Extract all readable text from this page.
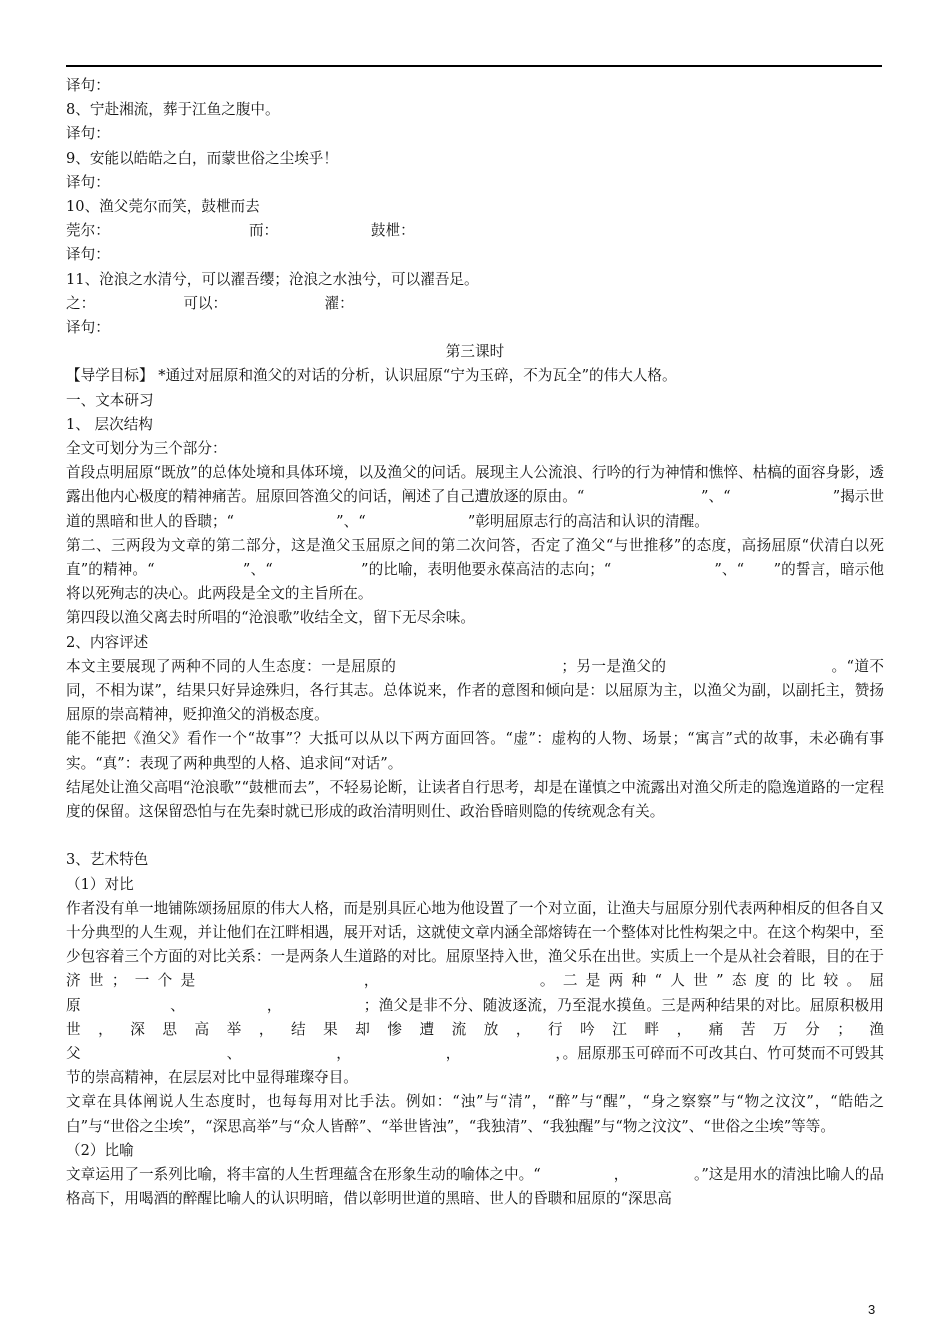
译句：

8、宁赴湘流，葬于江鱼之腹中。

译句：

9、安能以皓皓之白，而蒙世俗之尘埃乎！

译句：

10、渔父莞尔而笑，鼓枻而去

莞尔：                              而：                    鼓枻：

译句：

11、沧浪之水清兮，可以濯吾缨；沧浪之水浊兮，可以濯吾足。

之：                   可以：                     濯：

译句：

第三课时

【导学目标】 *通过对屈原和渔父的对话的分析，认识屈原“宁为玉碎，不为瓦全”的伟大人格。

一、文本研习

1、 层次结构

全文可划分为三个部分：

首段点明屈原“既放”的总体处境和具体环境，以及渔父的问话。展现主人公流浪、行吟的行为神情和憔悴、枯槁的面容身影，透露出他内心极度的精神痛苦。屈原回答渔父的问话，阐述了自己遭放逐的原由。“　　　　　　　　”、“　　　　　　　”揭示世道的黑暗和世人的昏聩；“　　　　　　　”、“　　　　　　　”彰明屈原志行的高洁和认识的清醒。

第二、三两段为文章的第二部分，这是渔父玉屈原之间的第二次问答，否定了渔父“与世推移”的态度，高扬屈原“伏清白以死直”的精神。“　　　　　　”、“　　　　　　”的比喻，表明他要永葆高洁的志向；“　　　　　　　”、“　　”的誓言，暗示他将以死殉志的决心。此两段是全文的主旨所在。

第四段以渔父离去时所唱的“沧浪歌”收结全文，留下无尽余味。

2、内容评述

本文主要展现了两种不同的人生态度：一是屈原的　　　　　　　　　　　；另一是渔父的　　　　　　　　　　　。“道不同，不相为谋”，结果只好异途殊归，各行其志。总体说来，作者的意图和倾向是：以屈原为主，以渔父为副，以副托主，赞扬屈原的崇高精神，贬抑渔父的消极态度。

能不能把《渔父》看作一个“故事”？大抵可以从以下两方面回答。“虚”：虚构的人物、场景；“寓言”式的故事，未必确有事实。“真”：表现了两种典型的人格、追求间“对话”。

结尾处让渔父高唱“沧浪歌”“鼓枻而去”，不轻易论断，让读者自行思考，却是在谨慎之中流露出对渔父所走的隐逸道路的一定程度的保留。这保留恐怕与在先秦时就已形成的政治清明则仕、政治昏暗则隐的传统观念有关。

3、艺术特色

（1）对比

作者没有单一地铺陈颂扬屈原的伟大人格，而是别具匠心地为他设置了一个对立面，让渔夫与屈原分别代表两种相反的但各自又十分典型的人生观，并让他们在江畔相遇，展开对话，这就使文章内涵全部熔铸在一个整体对比性构架之中。在这个构架中，至少包容着三个方面的对比关系：一是两条人生道路的对比。屈原坚持入世，渔父乐在出世。实质上一个是从社会着眼，目的在于济世；一个是　　　　　　　，　　　　　　　。二是两种“人世”态度的比较。屈原　　　　　　、　　　　　　，　　　　　　；渔父是非不分、随波逐流，乃至混水摸鱼。三是两种结果的对比。屈原积极用世，深思高举，结果却惨遭流放，行吟江畔，痛苦万分；渔父　　　　　　　　　　、　　　　　　　，　　　　　　　，　　　　　　　，。屈原那玉可碎而不可改其白、竹可焚而不可毁其节的崇高精神，在层层对比中显得璀璨夺目。

文章在具体阐说人生态度时，也每每用对比手法。例如：“浊”与“清”，“醉”与“醒”，“身之察察”与“物之汶汶”，“皓皓之白”与“世俗之尘埃”，“深思高举”与“众人皆醉”、“举世皆浊”，“我独清”、“我独醒”与“物之汶汶”、“世俗之尘埃”等等。

（2）比喻

文章运用了一系列比喻，将丰富的人生哲理蕴含在形象生动的喻体之中。“　　　　　，　　　　　。”这是用水的清浊比喻人的品格高下，用喝酒的醉醒比喻人的认识明暗，借以彰明世道的黑暗、世人的昏聩和屈原的“深思高

3
